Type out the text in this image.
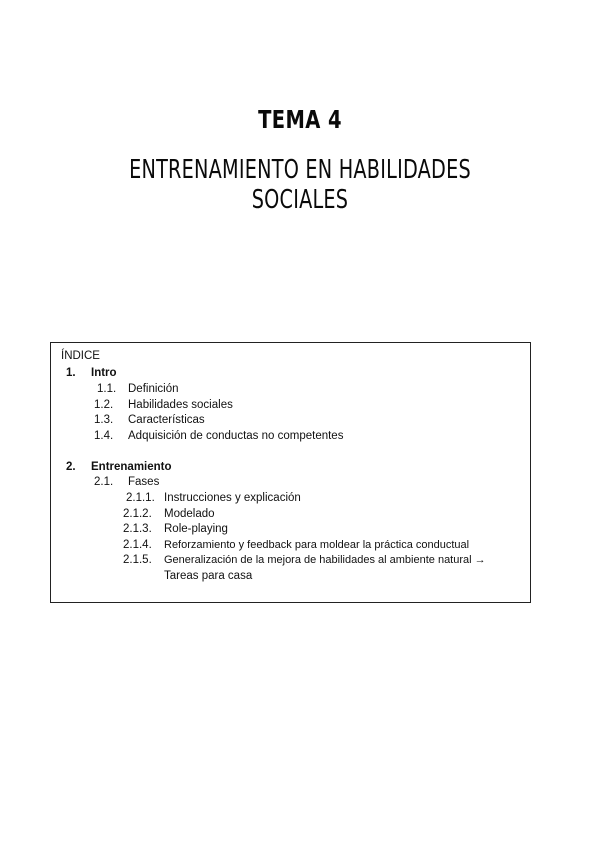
TEMA 4
ENTRENAMIENTO EN HABILIDADES SOCIALES
ÍNDICE
1. Intro
1.1. Definición
1.2. Habilidades sociales
1.3. Características
1.4. Adquisición de conductas no competentes
2. Entrenamiento
2.1. Fases
2.1.1. Instrucciones y explicación
2.1.2. Modelado
2.1.3. Role-playing
2.1.4. Reforzamiento y feedback para moldear la práctica conductual
2.1.5. Generalización de la mejora de habilidades al ambiente natural →
Tareas para casa
